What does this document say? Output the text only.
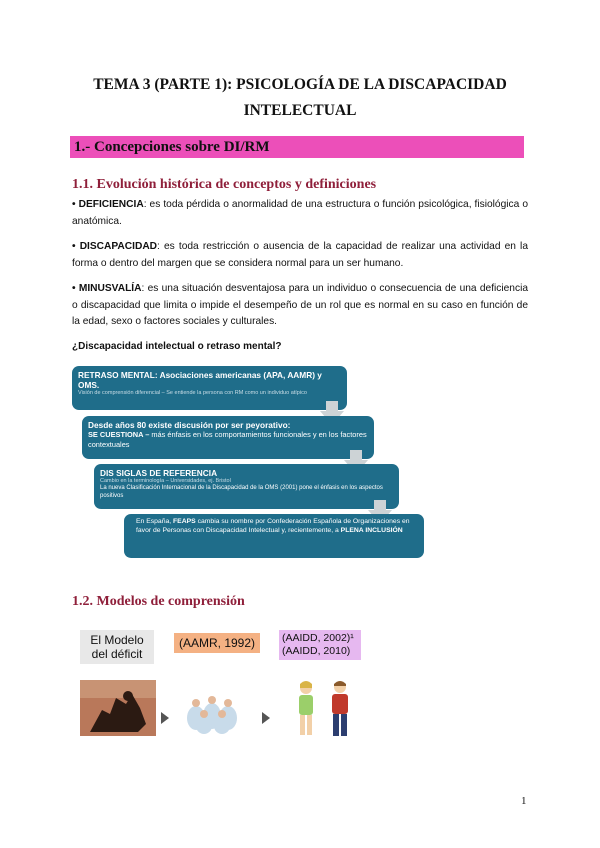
TEMA 3 (PARTE 1): PSICOLOGÍA DE LA DISCAPACIDAD
INTELECTUAL
1.- Concepciones sobre DI/RM
1.1. Evolución histórica de conceptos y definiciones
• DEFICIENCIA: es toda pérdida o anormalidad de una estructura o función psicológica, fisiológica o anatómica.
• DISCAPACIDAD: es toda restricción o ausencia de la capacidad de realizar una actividad en la forma o dentro del margen que se considera normal para un ser humano.
• MINUSVALÍA: es una situación desventajosa para un individuo o consecuencia de una deficiencia o discapacidad que limita o impide el desempeño de un rol que es normal en su caso en función de la edad, sexo o factores sociales y culturales.
¿Discapacidad intelectual o retraso mental?
RETRASO MENTAL: Asociaciones americanas (APA, AAMR) y OMS.
Visión de comprensión diferencial – Se entiende la persona con RM como un individuo atípico
Desde años 80 existe discusión por ser peyorativo:
SE CUESTIONA – más énfasis en los comportamientos funcionales y en los factores contextuales
DIS SIGLAS DE REFERENCIA
Cambio en la terminología – Universidades, ej. Bristol
La nueva Clasificación Internacional de la Discapacidad de la OMS (2001) pone el énfasis en los aspectos positivos
En España, FEAPS cambia su nombre por Confederación Española de Organizaciones en favor de Personas con Discapacidad Intelectual y, recientemente, a PLENA INCLUSIÓN
1.2. Modelos de comprensión
El Modelo
del déficit
(AAMR, 1992)	(AAIDD, 2002)¹
(AAIDD, 2010)
1
